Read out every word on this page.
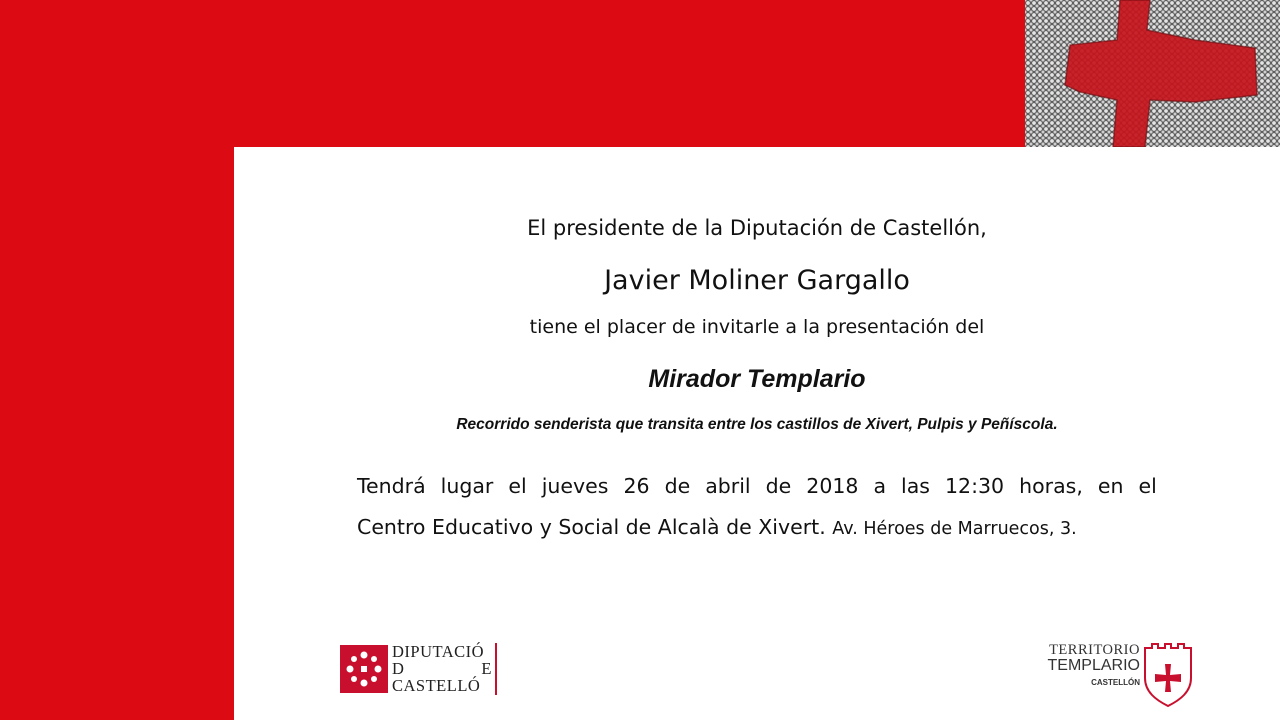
El presidente de la Diputación de Castellón,

Javier Moliner Gargallo

tiene el placer de invitarle a la presentación del

Mirador Templario

Recorrido senderista que transita entre los castillos de Xivert, Pulpis y Peñíscola.

Tendrá lugar el jueves 26 de abril de 2018 a las 12:30 horas, en el

Centro Educativo y Social de Alcalà de Xivert. Av. Héroes de Marruecos, 3.

DIPUTACIÓ
D	E
CASTELLÓ
TERRITORIO
TEMPLARIO
CASTELLÓN
